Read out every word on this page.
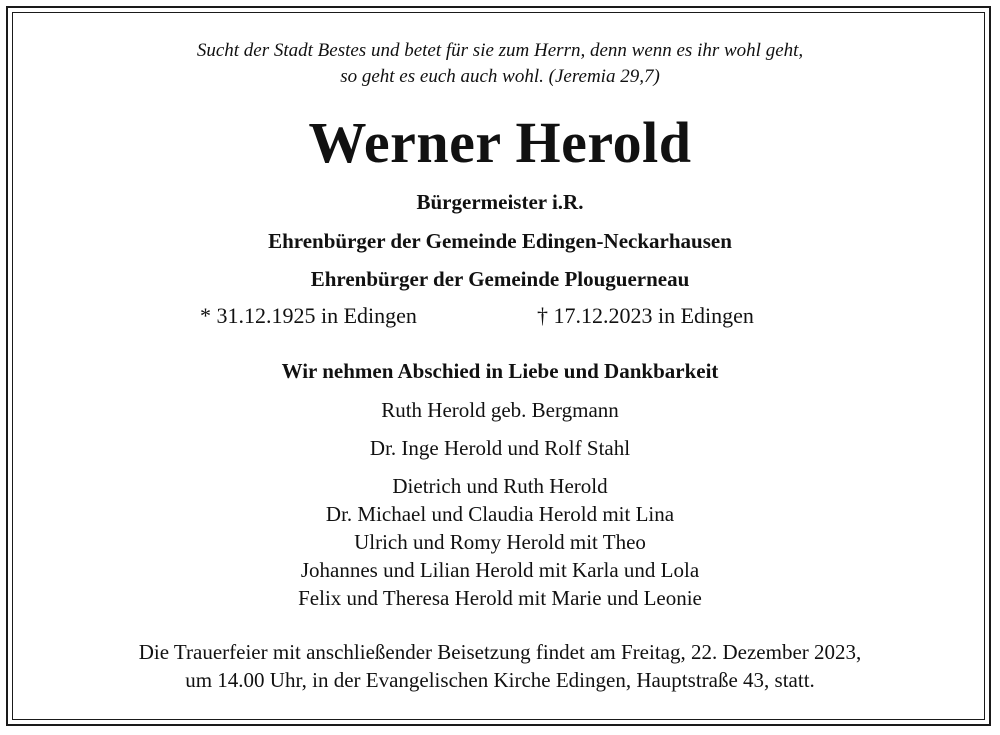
Sucht der Stadt Bestes und betet für sie zum Herrn, denn wenn es ihr wohl geht,
so geht es euch auch wohl. (Jeremia 29,7)
Werner Herold
Bürgermeister i.R.
Ehrenbürger der Gemeinde Edingen-Neckarhausen
Ehrenbürger der Gemeinde Plouguerneau
* 31.12.1925 in Edingen	† 17.12.2023 in Edingen
Wir nehmen Abschied in Liebe und Dankbarkeit
Ruth Herold geb. Bergmann
Dr. Inge Herold und Rolf Stahl
Dietrich und Ruth Herold
Dr. Michael und Claudia Herold mit Lina
Ulrich und Romy Herold mit Theo
Johannes und Lilian Herold mit Karla und Lola
Felix und Theresa Herold mit Marie und Leonie
Die Trauerfeier mit anschließender Beisetzung findet am Freitag, 22. Dezember 2023,
um 14.00 Uhr, in der Evangelischen Kirche Edingen, Hauptstraße 43, statt.
